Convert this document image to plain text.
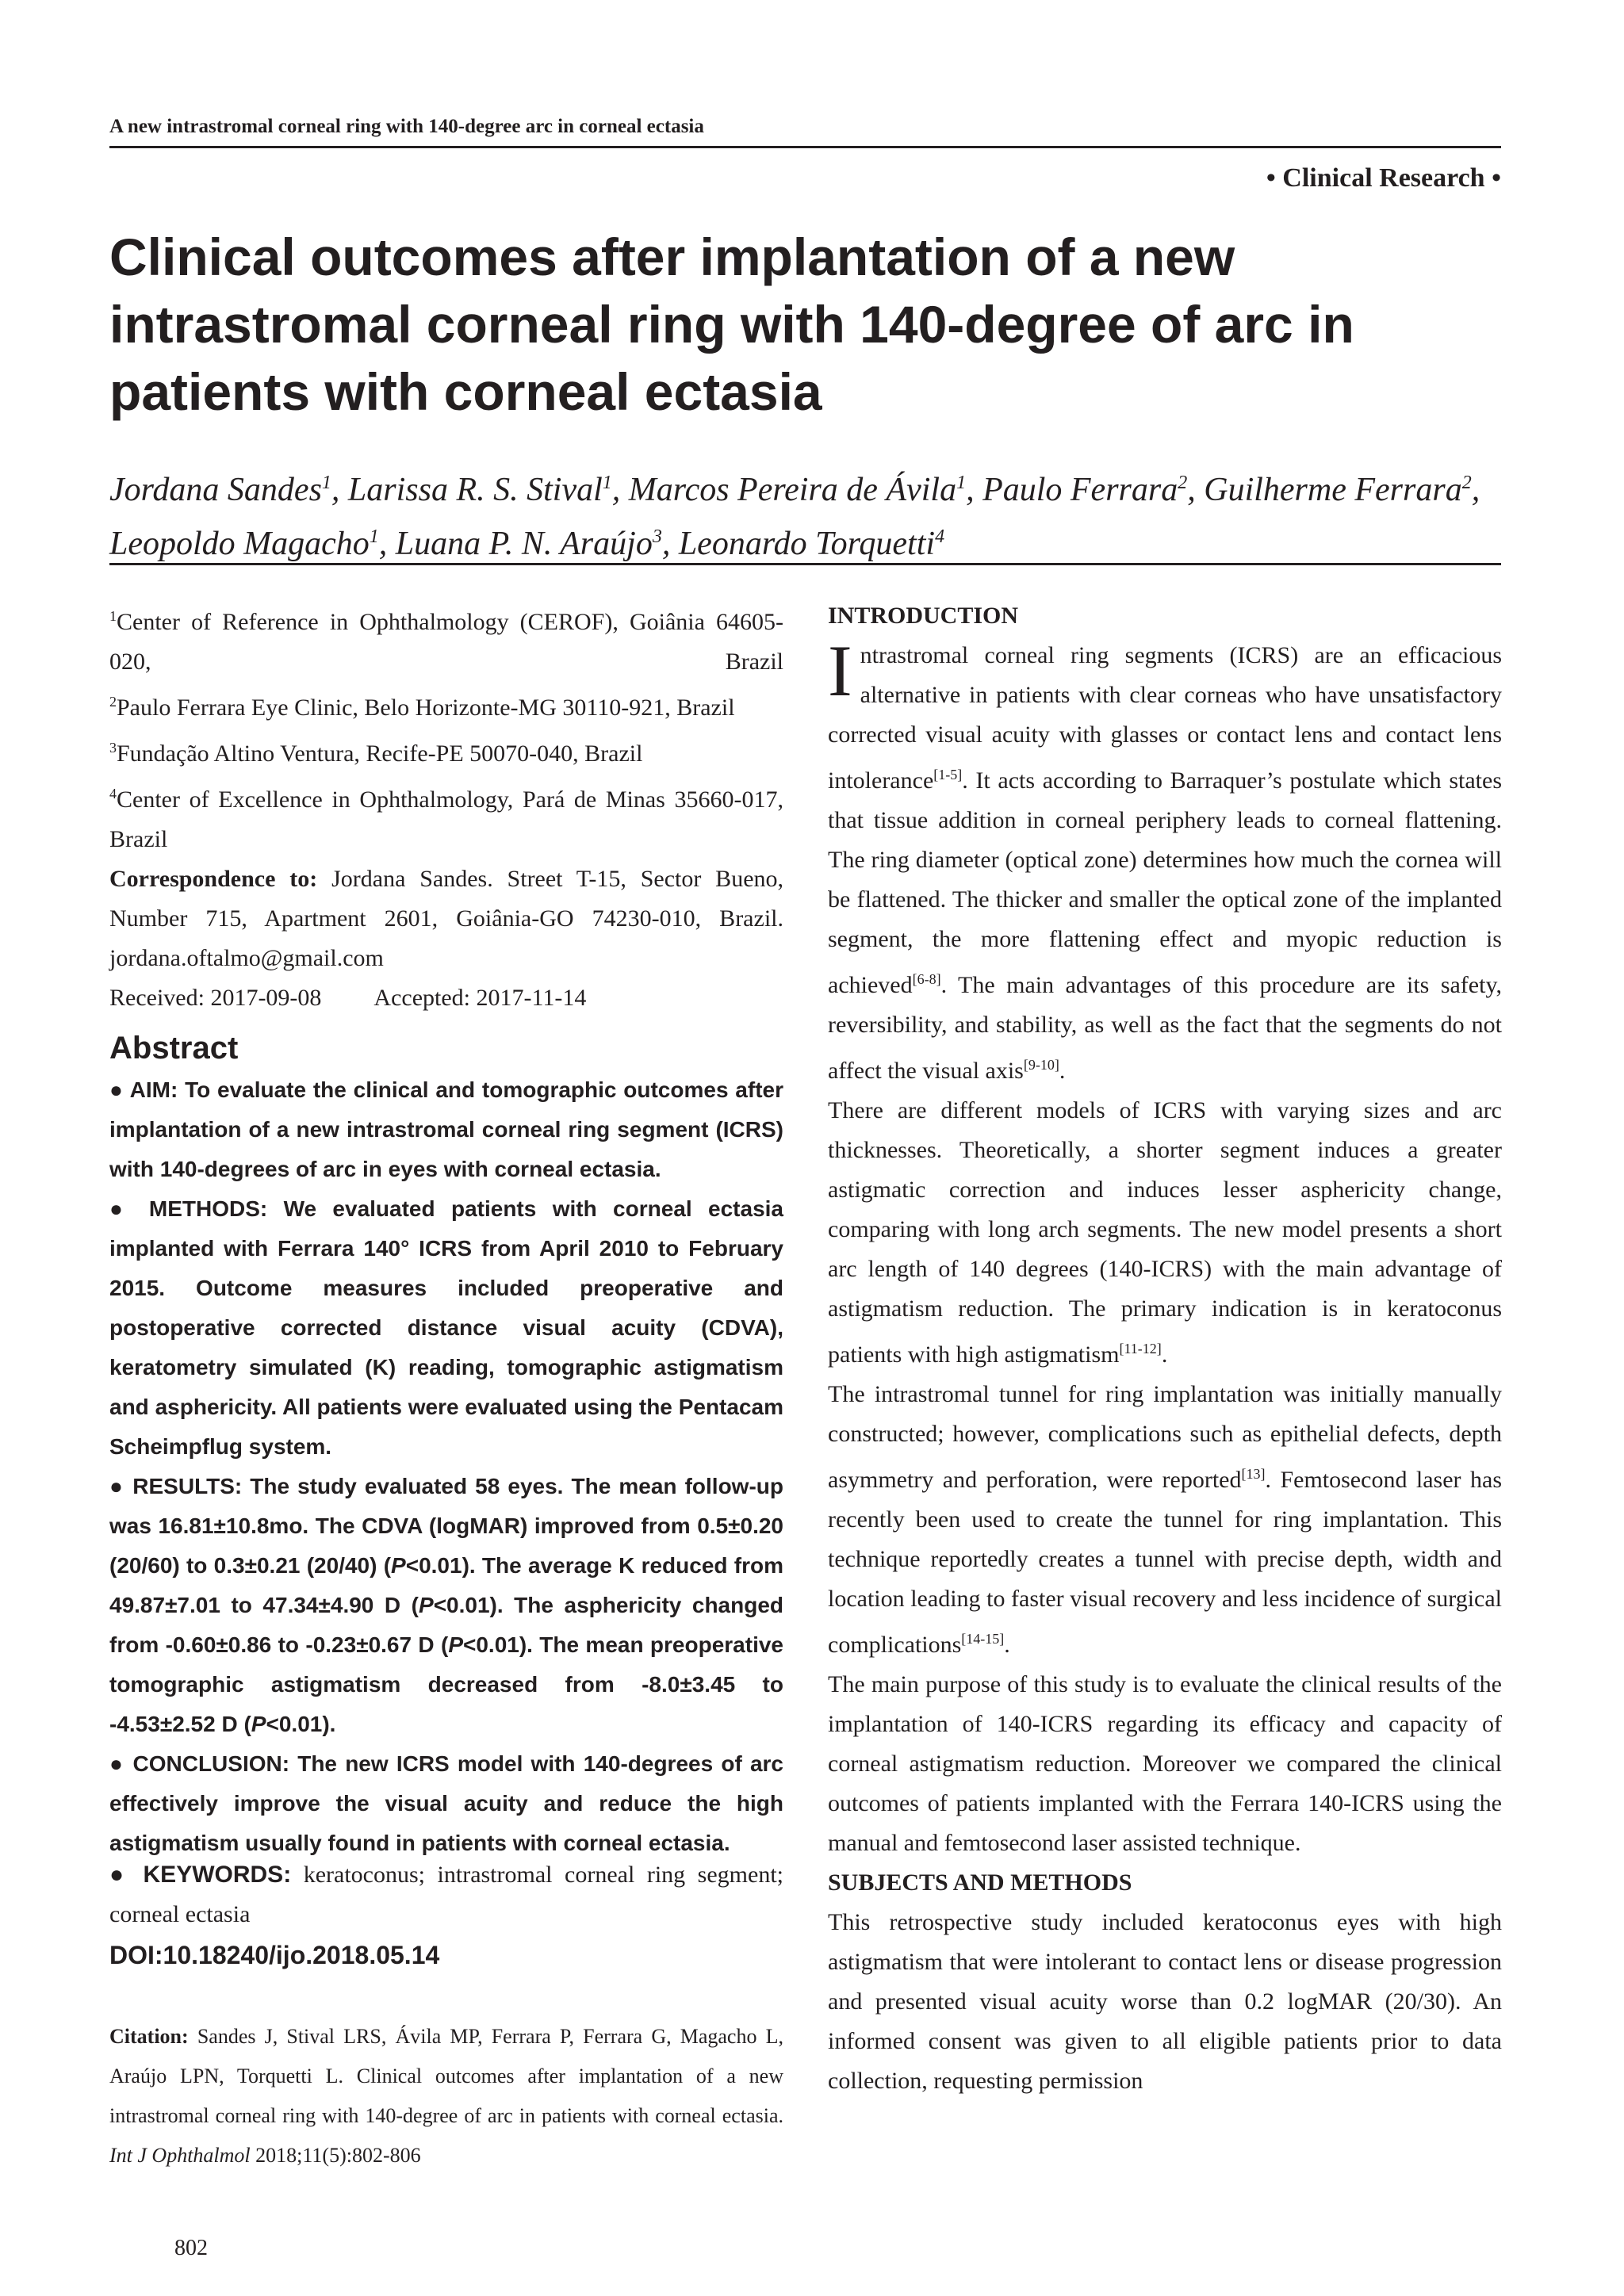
A new intrastromal corneal ring with 140-degree arc in corneal ectasia
• Clinical Research •
Clinical outcomes after implantation of a new intrastromal corneal ring with 140-degree of arc in patients with corneal ectasia
Jordana Sandes$^1$, Larissa R. S. Stival$^1$, Marcos Pereira de Ávila$^1$, Paulo Ferrara$^2$, Guilherme Ferrara$^2$, Leopoldo Magacho$^1$, Luana P. N. Araújo$^3$, Leonardo Torquetti$^4$

$^1$Center of Reference in Ophthalmology (CEROF), Goiânia 64605-020, Brazil

$^2$Paulo Ferrara Eye Clinic, Belo Horizonte-MG 30110-921, Brazil

$^3$Fundação Altino Ventura, Recife-PE 50070-040, Brazil

$^4$Center of Excellence in Ophthalmology, Pará de Minas 35660-017, Brazil

Correspondence to: Jordana Sandes. Street T-15, Sector Bueno, Number 715, Apartment 2601, Goiânia-GO 74230-010, Brazil. jordana.oftalmo@gmail.com

Received: 2017-09-08 Accepted: 2017-11-14

Abstract

● AIM: To evaluate the clinical and tomographic outcomes after implantation of a new intrastromal corneal ring segment (ICRS) with 140-degrees of arc in eyes with corneal ectasia.

● METHODS: We evaluated patients with corneal ectasia implanted with Ferrara 140° ICRS from April 2010 to February 2015. Outcome measures included preoperative and postoperative corrected distance visual acuity (CDVA), keratometry simulated (K) reading, tomographic astigmatism and asphericity. All patients were evaluated using the Pentacam Scheimpflug system.

● RESULTS: The study evaluated 58 eyes. The mean follow-up was 16.81±10.8mo. The CDVA (logMAR) improved from 0.5±0.20 (20/60) to 0.3±0.21 (20/40) (P<0.01). The average K reduced from 49.87±7.01 to 47.34±4.90 D (P<0.01). The asphericity changed from -0.60±0.86 to -0.23±0.67 D (P<0.01). The mean preoperative tomographic astigmatism decreased from -8.0±3.45 to -4.53±2.52 D (P<0.01).

● CONCLUSION: The new ICRS model with 140-degrees of arc effectively improve the visual acuity and reduce the high astigmatism usually found in patients with corneal ectasia.

● KEYWORDS: keratoconus; intrastromal corneal ring segment; corneal ectasia
DOI:10.18240/ijo.2018.05.14
Citation: Sandes J, Stival LRS, Ávila MP, Ferrara P, Ferrara G, Magacho L, Araújo LPN, Torquetti L. Clinical outcomes after implantation of a new intrastromal corneal ring with 140-degree of arc in patients with corneal ectasia. Int J Ophthalmol 2018;11(5):802-806
802
INTRODUCTION

Intrastromal corneal ring segments (ICRS) are an efficacious alternative in patients with clear corneas who have unsatisfactory corrected visual acuity with glasses or contact lens and contact lens intolerance[1-5]. It acts according to Barraquer’s postulate which states that tissue addition in corneal periphery leads to corneal flattening. The ring diameter (optical zone) determines how much the cornea will be flattened. The thicker and smaller the optical zone of the implanted segment, the more flattening effect and myopic reduction is achieved[6-8]. The main advantages of this procedure are its safety, reversibility, and stability, as well as the fact that the segments do not affect the visual axis[9-10].

There are different models of ICRS with varying sizes and arc thicknesses. Theoretically, a shorter segment induces a greater astigmatic correction and induces lesser asphericity change, comparing with long arch segments. The new model presents a short arc length of 140 degrees (140-ICRS) with the main advantage of astigmatism reduction. The primary indication is in keratoconus patients with high astigmatism[11-12].

The intrastromal tunnel for ring implantation was initially manually constructed; however, complications such as epithelial defects, depth asymmetry and perforation, were reported[13]. Femtosecond laser has recently been used to create the tunnel for ring implantation. This technique reportedly creates a tunnel with precise depth, width and location leading to faster visual recovery and less incidence of surgical complications[14-15].

The main purpose of this study is to evaluate the clinical results of the implantation of 140-ICRS regarding its efficacy and capacity of corneal astigmatism reduction. Moreover we compared the clinical outcomes of patients implanted with the Ferrara 140-ICRS using the manual and femtosecond laser assisted technique.

SUBJECTS AND METHODS

This retrospective study included keratoconus eyes with high astigmatism that were intolerant to contact lens or disease progression and presented visual acuity worse than 0.2 logMAR (20/30). An informed consent was given to all eligible patients prior to data collection, requesting permission
